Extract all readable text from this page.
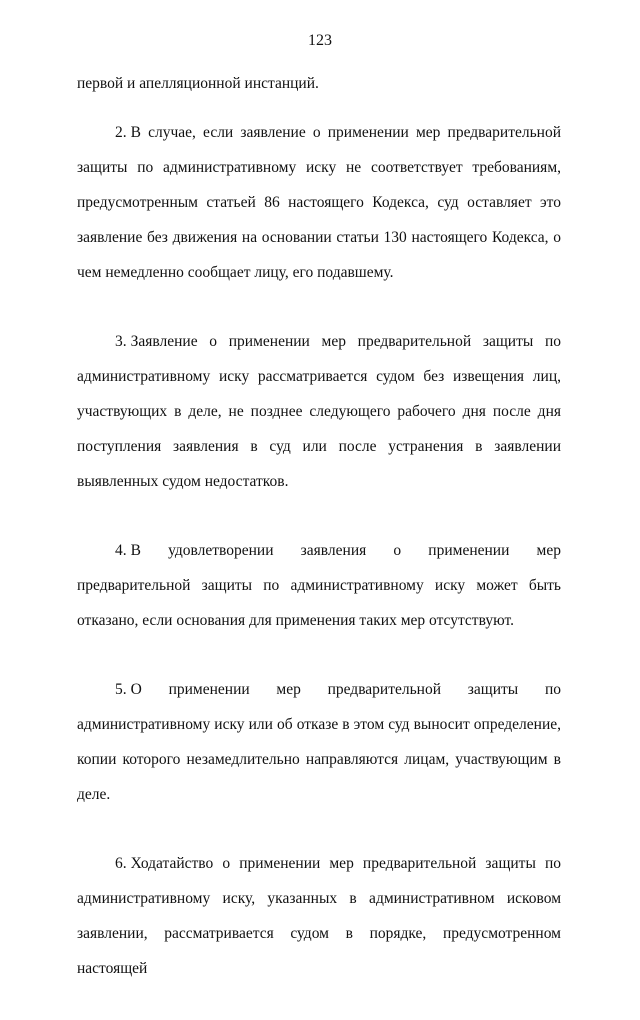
123

первой и апелляционной инстанций.

2. В случае, если заявление о применении мер предварительной защиты по административному иску не соответствует требованиям, предусмотренным статьей 86 настоящего Кодекса, суд оставляет это заявление без движения на основании статьи 130 настоящего Кодекса, о чем немедленно сообщает лицу, его подавшему.

3. Заявление о применении мер предварительной защиты по административному иску рассматривается судом без извещения лиц, участвующих в деле, не позднее следующего рабочего дня после дня поступления заявления в суд или после устранения в заявлении выявленных судом недостатков.

4. В удовлетворении заявления о применении мер предварительной защиты по административному иску может быть отказано, если основания для применения таких мер отсутствуют.

5. О применении мер предварительной защиты по административному иску или об отказе в этом суд выносит определение, копии которого незамедлительно направляются лицам, участвующим в деле.

6. Ходатайство о применении мер предварительной защиты по административному иску, указанных в административном исковом заявлении, рассматривается судом в порядке, предусмотренном настоящей
